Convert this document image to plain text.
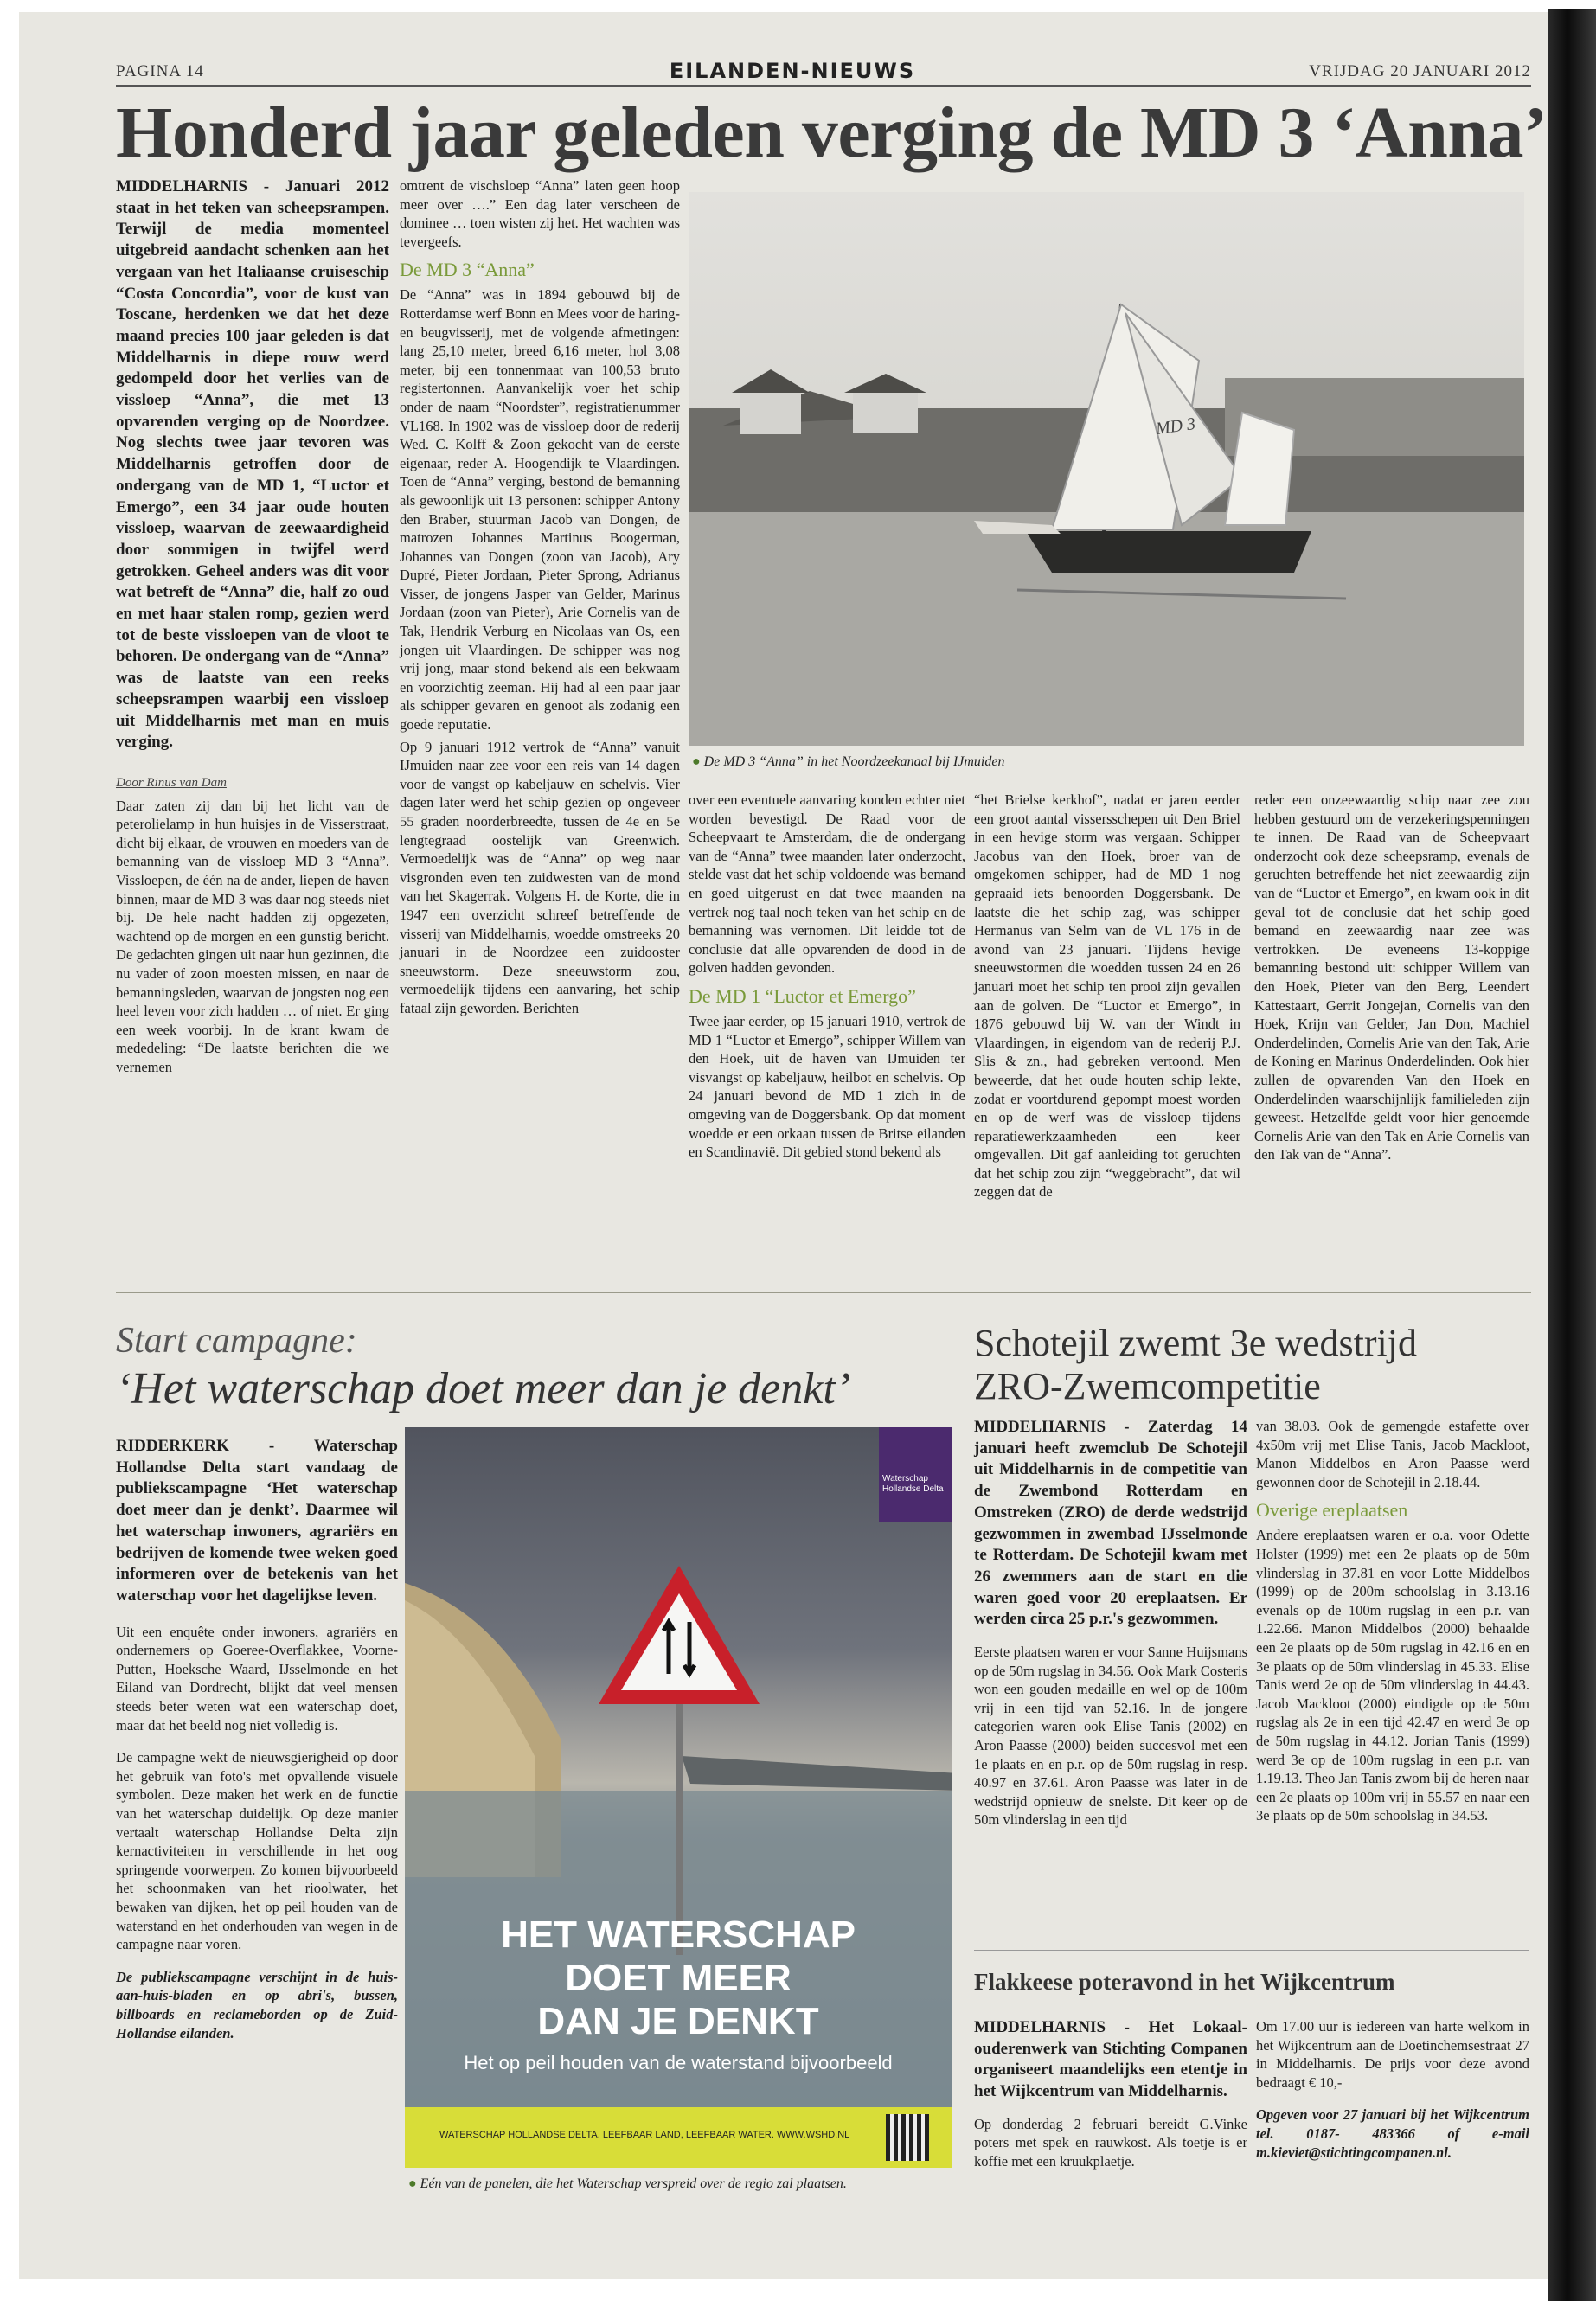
PAGINA 14	EILANDEN-NIEUWS	VRIJDAG 20 JANUARI 2012
Honderd jaar geleden verging de MD 3 ‘Anna’

MIDDELHARNIS - Januari 2012 staat in het teken van scheepsrampen. Terwijl de media momenteel uitgebreid aandacht schenken aan het vergaan van het Italiaanse cruiseschip “Costa Concordia”, voor de kust van Toscane, herdenken we dat het deze maand precies 100 jaar geleden is dat Middelharnis in diepe rouw werd gedompeld door het verlies van de vissloep “Anna”, die met 13 opvarenden verging op de Noordzee. Nog slechts twee jaar tevoren was Middelharnis getroffen door de ondergang van de MD 1, “Luctor et Emergo”, een 34 jaar oude houten vissloep, waarvan de zeewaardigheid door sommigen in twijfel werd getrokken. Geheel anders was dit voor wat betreft de “Anna” die, half zo oud en met haar stalen romp, gezien werd tot de beste vissloepen van de vloot te behoren. De ondergang van de “Anna” was de laatste van een reeks scheepsrampen waarbij een vissloep uit Middelharnis met man en muis verging.

Door Rinus van Dam

Daar zaten zij dan bij het licht van de peterolielamp in hun huisjes in de Visserstraat, dicht bij elkaar, de vrouwen en moeders van de bemanning van de vissloep MD 3 “Anna”. Vissloepen, de één na de ander, liepen de haven binnen, maar de MD 3 was daar nog steeds niet bij. De hele nacht hadden zij opgezeten, wachtend op de morgen en een gunstig bericht. De gedachten gingen uit naar hun gezinnen, die nu vader of zoon moesten missen, en naar de bemanningsleden, waarvan de jongsten nog een heel leven voor zich hadden … of niet. Er ging een week voorbij. In de krant kwam de mededeling: “De laatste berichten die we vernemen

omtrent de vischsloep “Anna” laten geen hoop meer over ….” Een dag later verscheen de dominee … toen wisten zij het. Het wachten was tevergeefs.

De MD 3 “Anna”

De “Anna” was in 1894 gebouwd bij de Rotterdamse werf Bonn en Mees voor de haring- en beugvisserij, met de volgende afmetingen: lang 25,10 meter, breed 6,16 meter, hol 3,08 meter, bij een tonnenmaat van 100,53 bruto registertonnen. Aanvankelijk voer het schip onder de naam “Noordster”, registratienummer VL168. In 1902 was de vissloep door de rederij Wed. C. Kolff & Zoon gekocht van de eerste eigenaar, reder A. Hoogendijk te Vlaardingen. Toen de “Anna” verging, bestond de bemanning als gewoonlijk uit 13 personen: schipper Antony den Braber, stuurman Jacob van Dongen, de matrozen Johannes Martinus Boogerman, Johannes van Dongen (zoon van Jacob), Ary Dupré, Pieter Jordaan, Pieter Sprong, Adrianus Visser, de jongens Jasper van Gelder, Marinus Jordaan (zoon van Pieter), Arie Cornelis van de Tak, Hendrik Verburg en Nicolaas van Os, een jongen uit Vlaardingen. De schipper was nog vrij jong, maar stond bekend als een bekwaam en voorzichtig zeeman. Hij had al een paar jaar als schipper gevaren en genoot als zodanig een goede reputatie.

Op 9 januari 1912 vertrok de “Anna” vanuit IJmuiden naar zee voor een reis van 14 dagen voor de vangst op kabeljauw en schelvis. Vier dagen later werd het schip gezien op ongeveer 55 graden noorderbreedte, tussen de 4e en 5e lengtegraad oostelijk van Greenwich. Vermoedelijk was de “Anna” op weg naar visgronden even ten zuidwesten van de mond van het Skagerrak. Volgens H. de Korte, die in 1947 een overzicht schreef betreffende de visserij van Middelharnis, woedde omstreeks 20 januari in de Noordzee een zuidooster sneeuwstorm. Deze sneeuwstorm zou, vermoedelijk tijdens een aanvaring, het schip fataal zijn geworden. Berichten

MD 3
● De MD 3 “Anna” in het Noordzeekanaal bij IJmuiden

over een eventuele aanvaring konden echter niet worden bevestigd. De Raad voor de Scheepvaart te Amsterdam, die de ondergang van de “Anna” twee maanden later onderzocht, stelde vast dat het schip voldoende was bemand en goed uitgerust en dat twee maanden na vertrek nog taal noch teken van het schip en de bemanning was vernomen. Dit leidde tot de conclusie dat alle opvarenden de dood in de golven hadden gevonden.

De MD 1 “Luctor et Emergo”

Twee jaar eerder, op 15 januari 1910, vertrok de MD 1 “Luctor et Emergo”, schipper Willem van den Hoek, uit de haven van IJmuiden ter visvangst op kabeljauw, heilbot en schelvis. Op 24 januari bevond de MD 1 zich in de omgeving van de Doggersbank. Op dat moment woedde er een orkaan tussen de Britse eilanden en Scandinavië. Dit gebied stond bekend als

“het Brielse kerkhof”, nadat er jaren eerder een groot aantal vissersschepen uit Den Briel in een hevige storm was vergaan. Schipper Jacobus van den Hoek, broer van de omgekomen schipper, had de MD 1 nog gepraaid iets benoorden Doggersbank. De laatste die het schip zag, was schipper Hermanus van Selm van de VL 176 in de avond van 23 januari. Tijdens hevige sneeuwstormen die woedden tussen 24 en 26 januari moet het schip ten prooi zijn gevallen aan de golven. De “Luctor et Emergo”, in 1876 gebouwd bij W. van der Windt in Vlaardingen, in eigendom van de rederij P.J. Slis & zn., had gebreken vertoond. Men beweerde, dat het oude houten schip lekte, zodat er voortdurend gepompt moest worden en op de werf was de vissloep tijdens reparatiewerkzaamheden een keer omgevallen. Dit gaf aanleiding tot geruchten dat het schip zou zijn “weggebracht”, dat wil zeggen dat de

reder een onzeewaardig schip naar zee zou hebben gestuurd om de verzekeringspenningen te innen. De Raad van de Scheepvaart onderzocht ook deze scheepsramp, evenals de geruchten betreffende het niet zeewaardig zijn van de “Luctor et Emergo”, en kwam ook in dit geval tot de conclusie dat het schip goed bemand en zeewaardig naar zee was vertrokken. De eveneens 13-koppige bemanning bestond uit: schipper Willem van den Hoek, Pieter van den Berg, Leendert Kattestaart, Gerrit Jongejan, Cornelis van den Hoek, Krijn van Gelder, Jan Don, Machiel Onderdelinden, Cornelis Arie van den Tak, Arie de Koning en Marinus Onderdelinden. Ook hier zullen de opvarenden Van den Hoek en Onderdelinden waarschijnlijk familieleden zijn geweest. Hetzelfde geldt voor hier genoemde Cornelis Arie van den Tak en Arie Cornelis van den Tak van de “Anna”.

Start campagne:
‘Het waterschap doet meer dan je denkt’

RIDDERKERK - Waterschap Hollandse Delta start vandaag de publiekscampagne ‘Het waterschap doet meer dan je denkt’. Daarmee wil het waterschap inwoners, agrariërs en bedrijven de komende twee weken goed informeren over de betekenis van het waterschap voor het dagelijkse leven.

Uit een enquête onder inwoners, agrariërs en ondernemers op Goeree-Overflakkee, Voorne-Putten, Hoeksche Waard, IJsselmonde en het Eiland van Dordrecht, blijkt dat veel mensen steeds beter weten wat een waterschap doet, maar dat het beeld nog niet volledig is.

De campagne wekt de nieuwsgierigheid op door het gebruik van foto's met opvallende visuele symbolen. Deze maken het werk en de functie van het waterschap duidelijk. Op deze manier vertaalt waterschap Hollandse Delta zijn kernactiviteiten in verschillende in het oog springende voorwerpen. Zo komen bijvoorbeeld het schoonmaken van het rioolwater, het bewaken van dijken, het op peil houden van de waterstand en het onderhouden van wegen in de campagne naar voren.

De publiekscampagne verschijnt in de huis-aan-huis-bladen en op abri's, bussen, billboards en reclameborden op de Zuid-Hollandse eilanden.

Waterschap Hollandse Delta
HET WATERSCHAP
DOET MEER
DAN JE DENKT
Het op peil houden van de waterstand bijvoorbeeld
WATERSCHAP HOLLANDSE DELTA. LEEFBAAR LAND, LEEFBAAR WATER. WWW.WSHD.NL
● Eén van de panelen, die het Waterschap verspreid over de regio zal plaatsen.
Schotejil zwemt 3e wedstrijd
ZRO-Zwemcompetitie

MIDDELHARNIS - Zaterdag 14 januari heeft zwemclub De Schotejil uit Middelharnis in de competitie van de Zwembond Rotterdam en Omstreken (ZRO) de derde wedstrijd gezwommen in zwembad IJsselmonde te Rotterdam. De Schotejil kwam met 26 zwemmers aan de start en die waren goed voor 20 ereplaatsen. Er werden circa 25 p.r.'s gezwommen.

Eerste plaatsen waren er voor Sanne Huijsmans op de 50m rugslag in 34.56. Ook Mark Costeris won een gouden medaille en wel op de 100m vrij in een tijd van 52.16. In de jongere categorien waren ook Elise Tanis (2002) en Aron Paasse (2000) beiden succesvol met een 1e plaats en en p.r. op de 50m rugslag in resp. 40.97 en 37.61. Aron Paasse was later in de wedstrijd opnieuw de snelste. Dit keer op de 50m vlinderslag in een tijd

van 38.03. Ook de gemengde estafette over 4x50m vrij met Elise Tanis, Jacob Mackloot, Manon Middelbos en Aron Paasse werd gewonnen door de Schotejil in 2.18.44.

Overige ereplaatsen

Andere ereplaatsen waren er o.a. voor Odette Holster (1999) met een 2e plaats op de 50m vlinderslag in 37.81 en voor Lotte Middelbos (1999) op de 200m schoolslag in 3.13.16 evenals op de 100m rugslag in een p.r. van 1.22.66. Manon Middelbos (2000) behaalde een 2e plaats op de 50m rugslag in 42.16 en en 3e plaats op de 50m vlinderslag in 45.33. Elise Tanis werd 2e op de 50m vlinderslag in 44.43. Jacob Mackloot (2000) eindigde op de 50m rugslag als 2e in een tijd 42.47 en werd 3e op de 50m rugslag in 44.12. Jorian Tanis (1999) werd 3e op de 100m rugslag in een p.r. van 1.19.13. Theo Jan Tanis zwom bij de heren naar een 2e plaats op 100m vrij in 55.57 en naar een 3e plaats op de 50m schoolslag in 34.53.

Flakkeese poteravond in het Wijkcentrum

MIDDELHARNIS - Het Lokaal-ouderenwerk van Stichting Companen organiseert maandelijks een etentje in het Wijkcentrum van Middelharnis.

Op donderdag 2 februari bereidt G.Vinke poters met spek en rauwkost. Als toetje is er koffie met een kruukplaetje.

Om 17.00 uur is iedereen van harte welkom in het Wijkcentrum aan de Doetinchemsestraat 27 in Middelharnis. De prijs voor deze avond bedraagt € 10,-

Opgeven voor 27 januari bij het Wijkcentrum tel. 0187- 483366 of e-mail m.kieviet@stichtingcompanen.nl.
